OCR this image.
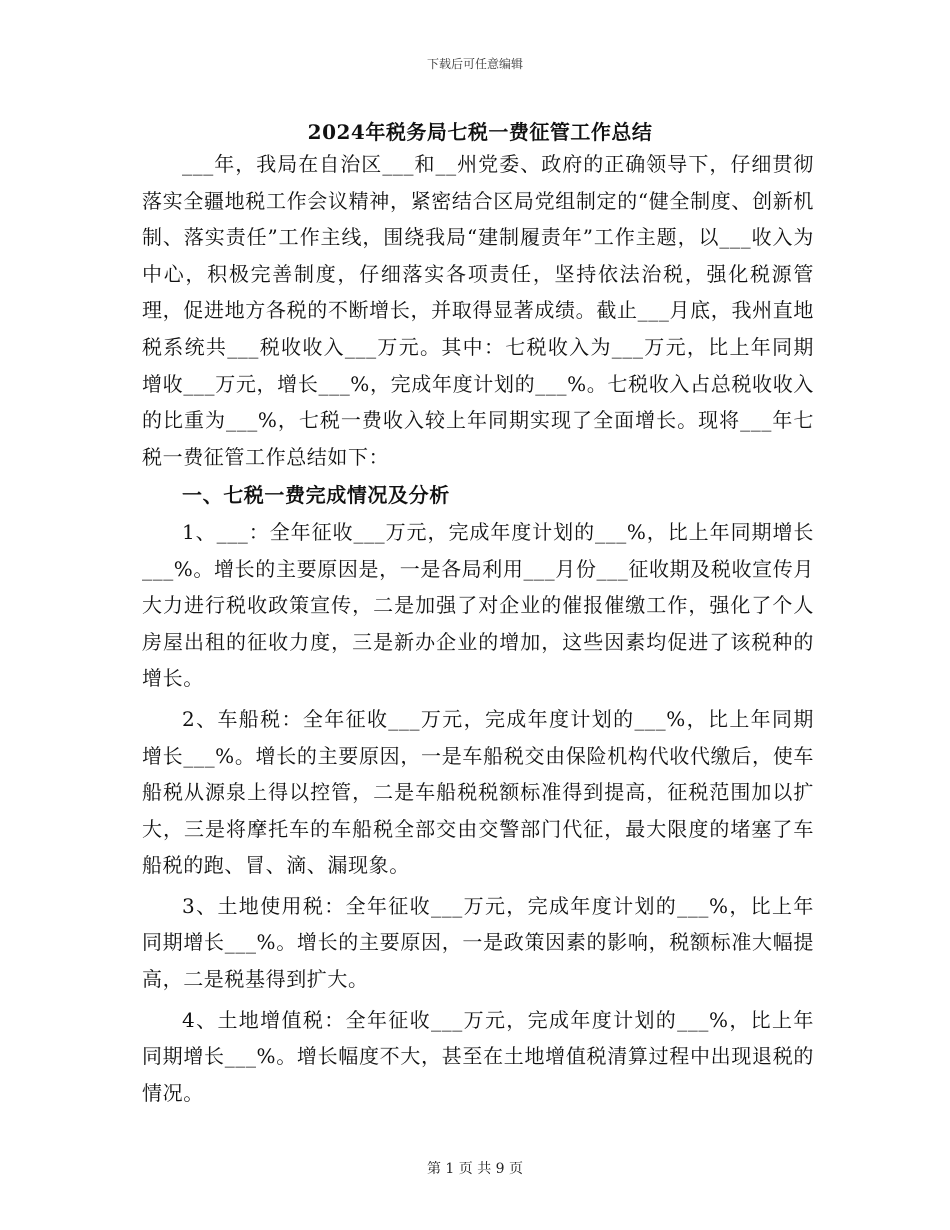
下载后可任意编辑
2024年税务局七税一费征管工作总结

___年，我局在自治区___和__州党委、政府的正确领导下，仔细贯彻落实全疆地税工作会议精神，紧密结合区局党组制定的“健全制度、创新机制、落实责任”工作主线，围绕我局“建制履责年”工作主题，以___收入为中心，积极完善制度，仔细落实各项责任，坚持依法治税，强化税源管理，促进地方各税的不断增长，并取得显著成绩。截止___月底，我州直地税系统共___税收收入___万元。其中：七税收入为___万元，比上年同期增收___万元，增长___%，完成年度计划的___%。七税收入占总税收收入的比重为___%，七税一费收入较上年同期实现了全面增长。现将___年七税一费征管工作总结如下：

一、七税一费完成情况及分析

1、___：全年征收___万元，完成年度计划的___%，比上年同期增长___%。增长的主要原因是，一是各局利用___月份___征收期及税收宣传月大力进行税收政策宣传，二是加强了对企业的催报催缴工作，强化了个人房屋出租的征收力度，三是新办企业的增加，这些因素均促进了该税种的增长。

2、车船税：全年征收___万元，完成年度计划的___%，比上年同期增长___%。增长的主要原因，一是车船税交由保险机构代收代缴后，使车船税从源泉上得以控管，二是车船税税额标准得到提高，征税范围加以扩大，三是将摩托车的车船税全部交由交警部门代征，最大限度的堵塞了车船税的跑、冒、滴、漏现象。

3、土地使用税：全年征收___万元，完成年度计划的___%，比上年同期增长___%。增长的主要原因，一是政策因素的影响，税额标准大幅提高，二是税基得到扩大。

4、土地增值税：全年征收___万元，完成年度计划的___%，比上年同期增长___%。增长幅度不大，甚至在土地增值税清算过程中出现退税的情况。

第 1 页 共 9 页
